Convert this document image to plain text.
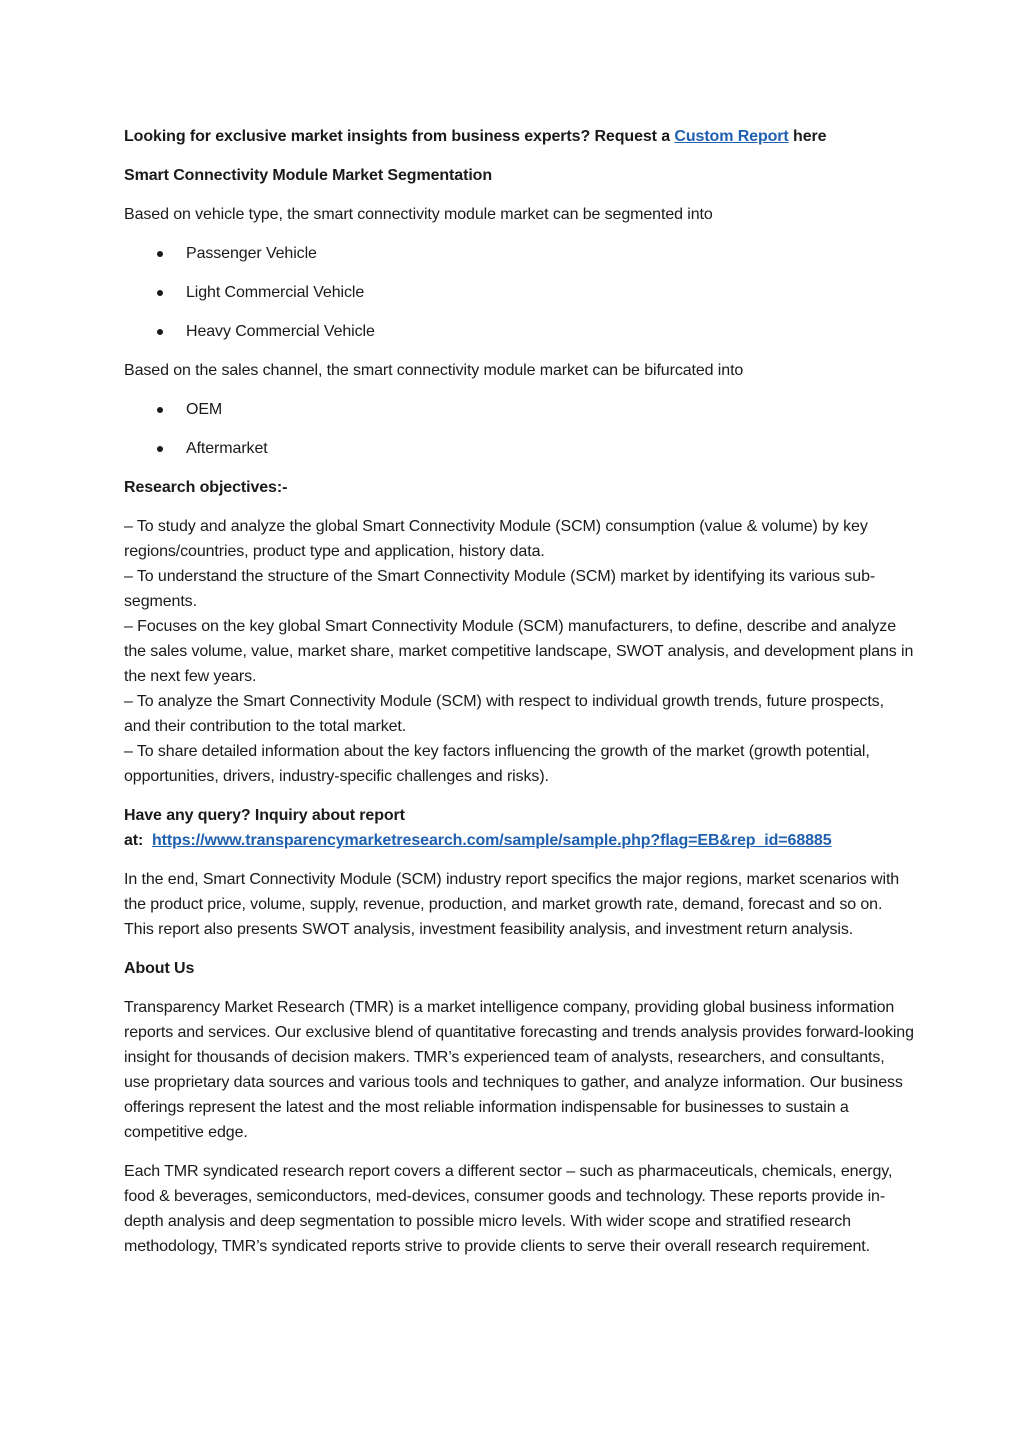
Looking for exclusive market insights from business experts? Request a Custom Report here

Smart Connectivity Module Market Segmentation

Based on vehicle type, the smart connectivity module market can be segmented into

Passenger Vehicle
Light Commercial Vehicle
Heavy Commercial Vehicle

Based on the sales channel, the smart connectivity module market can be bifurcated into

OEM
Aftermarket

Research objectives:-

– To study and analyze the global Smart Connectivity Module (SCM) consumption (value & volume) by key regions/countries, product type and application, history data.

– To understand the structure of the Smart Connectivity Module (SCM) market by identifying its various sub-segments.

– Focuses on the key global Smart Connectivity Module (SCM) manufacturers, to define, describe and analyze the sales volume, value, market share, market competitive landscape, SWOT analysis, and development plans in the next few years.

– To analyze the Smart Connectivity Module (SCM) with respect to individual growth trends, future prospects, and their contribution to the total market.

– To share detailed information about the key factors influencing the growth of the market (growth potential, opportunities, drivers, industry-specific challenges and risks).

Have any query? Inquiry about report
at:  https://www.transparencymarketresearch.com/sample/sample.php?flag=EB&rep_id=68885

In the end, Smart Connectivity Module (SCM) industry report specifics the major regions, market scenarios with the product price, volume, supply, revenue, production, and market growth rate, demand, forecast and so on. This report also presents SWOT analysis, investment feasibility analysis, and investment return analysis.

About Us

Transparency Market Research (TMR) is a market intelligence company, providing global business information reports and services. Our exclusive blend of quantitative forecasting and trends analysis provides forward-looking insight for thousands of decision makers. TMR’s experienced team of analysts, researchers, and consultants, use proprietary data sources and various tools and techniques to gather, and analyze information. Our business offerings represent the latest and the most reliable information indispensable for businesses to sustain a competitive edge.

Each TMR syndicated research report covers a different sector – such as pharmaceuticals, chemicals, energy, food & beverages, semiconductors, med-devices, consumer goods and technology. These reports provide in-depth analysis and deep segmentation to possible micro levels. With wider scope and stratified research methodology, TMR’s syndicated reports strive to provide clients to serve their overall research requirement.
